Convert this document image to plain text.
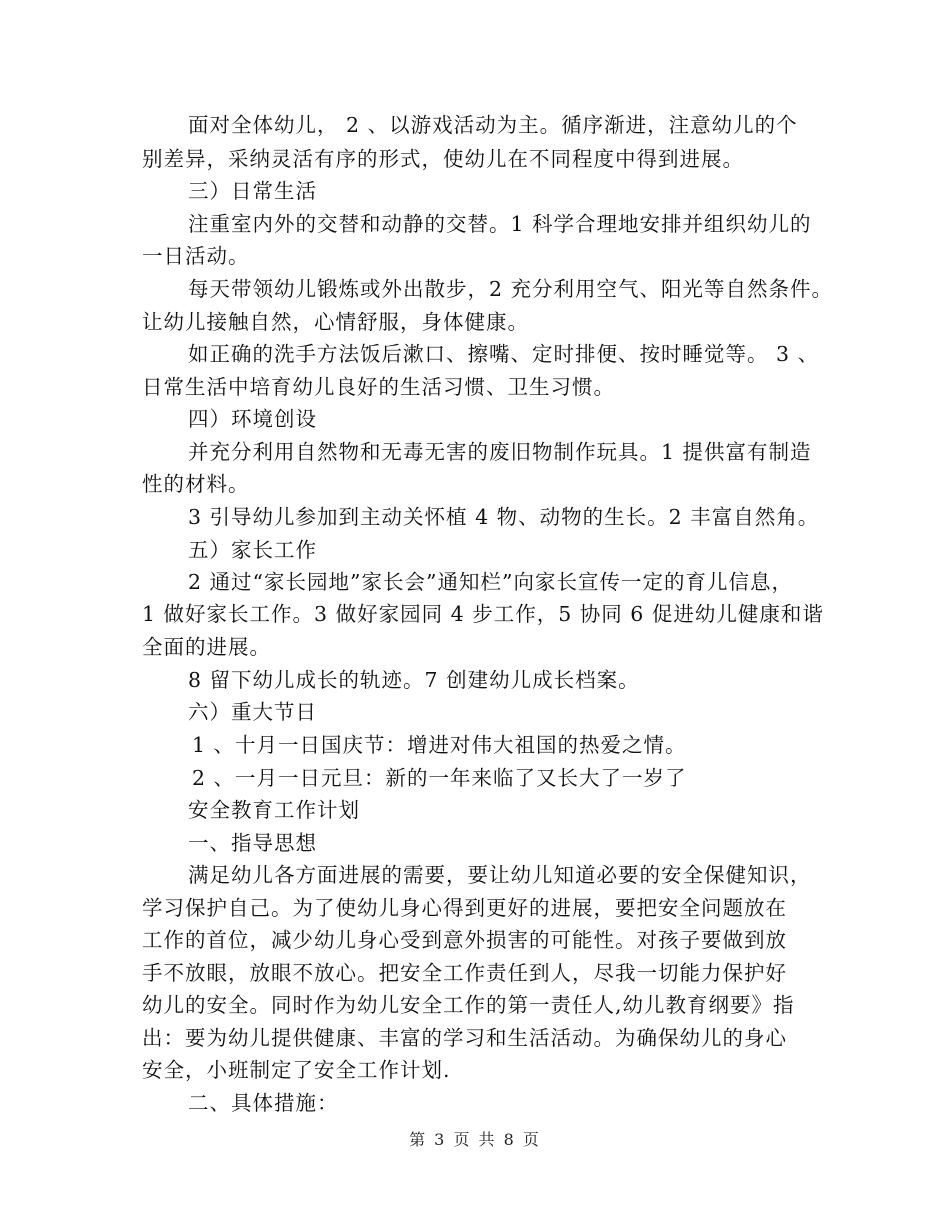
面对全体幼儿， 2 、以游戏活动为主。循序渐进，注意幼儿的个
别差异，采纳灵活有序的形式，使幼儿在不同程度中得到进展。
三）日常生活
注重室内外的交替和动静的交替。1 科学合理地安排并组织幼儿的
一日活动。
每天带领幼儿锻炼或外出散步，2 充分利用空气、阳光等自然条件。
让幼儿接触自然，心情舒服，身体健康。
如正确的洗手方法饭后漱口、擦嘴、定时排便、按时睡觉等。 3 、
日常生活中培育幼儿良好的生活习惯、卫生习惯。
四）环境创设
并充分利用自然物和无毒无害的废旧物制作玩具。1 提供富有制造
性的材料。
3 引导幼儿参加到主动关怀植 4 物、动物的生长。2 丰富自然角。
五）家长工作
2 通过“家长园地”家长会”通知栏”向家长宣传一定的育儿信息，
1 做好家长工作。3 做好家园同 4 步工作，5 协同 6 促进幼儿健康和谐
全面的进展。
8 留下幼儿成长的轨迹。7 创建幼儿成长档案。
六）重大节日
1 、十月一日国庆节：增进对伟大祖国的热爱之情。
2 、一月一日元旦：新的一年来临了又长大了一岁了
安全教育工作计划
一、指导思想
满足幼儿各方面进展的需要，要让幼儿知道必要的安全保健知识，
学习保护自己。为了使幼儿身心得到更好的进展，要把安全问题放在
工作的首位，减少幼儿身心受到意外损害的可能性。对孩子要做到放
手不放眼，放眼不放心。把安全工作责任到人，尽我一切能力保护好
幼儿的安全。同时作为幼儿安全工作的第一责任人,幼儿教育纲要》指
出：要为幼儿提供健康、丰富的学习和生活活动。为确保幼儿的身心
安全，小班制定了安全工作计划.
二、具体措施：
第 3 页 共 8 页
